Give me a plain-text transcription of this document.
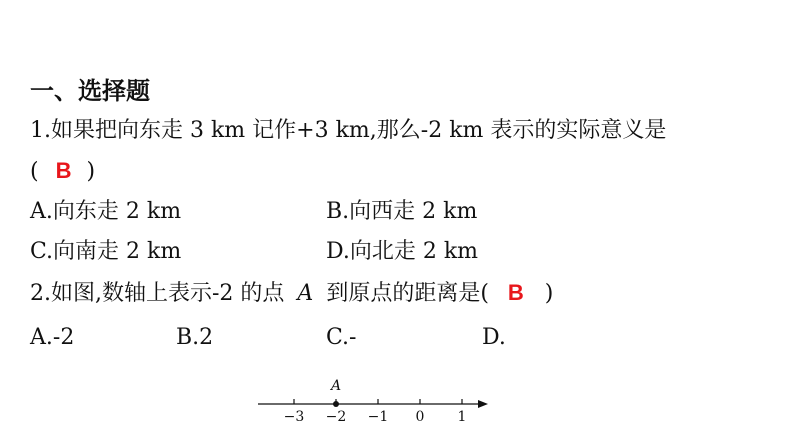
一、选择题
1.如果把向东走 3 km 记作+3 km,那么-2 km 表示的实际意义是
( B )
A.向东走 2 km	B.向西走 2 km
C.向南走 2 km	D.向北走 2 km
2.如图,数轴上表示-2 的点 A 到原点的距离是( B )
A.-2	B.2	C.-	D.
−3 −2 −1 0 1
A
